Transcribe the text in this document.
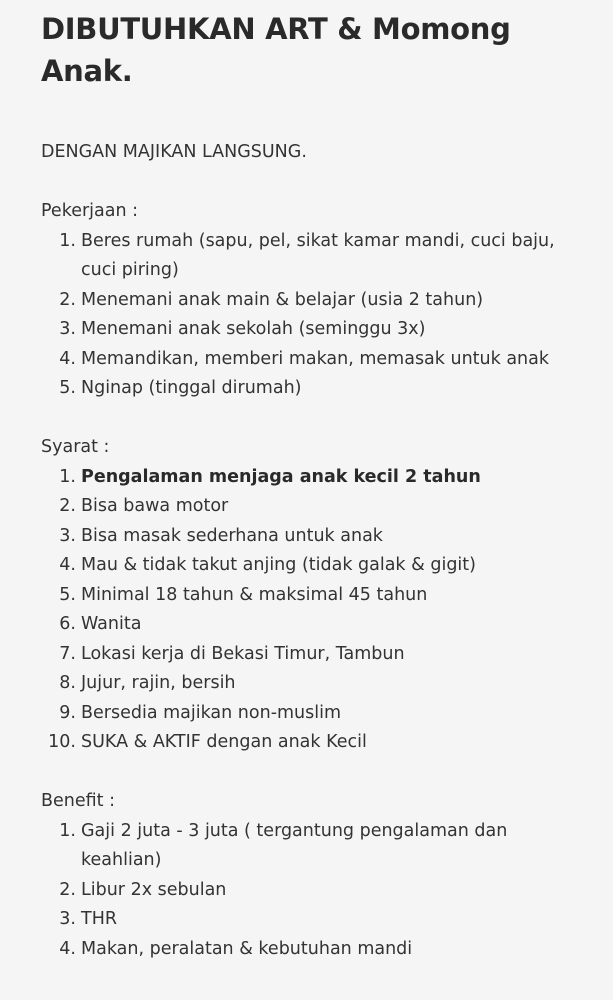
DIBUTUHKAN ART & Momong
Anak.
DENGAN MAJIKAN LANGSUNG.
Pekerjaan :
1. Beres rumah (sapu, pel, sikat kamar mandi, cuci baju, cuci piring)
2. Menemani anak main & belajar (usia 2 tahun)
3. Menemani anak sekolah (seminggu 3x)
4. Memandikan, memberi makan, memasak untuk anak
5. Nginap (tinggal dirumah)
Syarat :
1. Pengalaman menjaga anak kecil 2 tahun
2. Bisa bawa motor
3. Bisa masak sederhana untuk anak
4. Mau & tidak takut anjing (tidak galak & gigit)
5. Minimal 18 tahun & maksimal 45 tahun
6. Wanita
7. Lokasi kerja di Bekasi Timur, Tambun
8. Jujur, rajin, bersih
9. Bersedia majikan non-muslim
10. SUKA & AKTIF dengan anak Kecil
Benefit :
1. Gaji 2 juta - 3 juta ( tergantung pengalaman dan keahlian)
2. Libur 2x sebulan
3. THR
4. Makan, peralatan & kebutuhan mandi
